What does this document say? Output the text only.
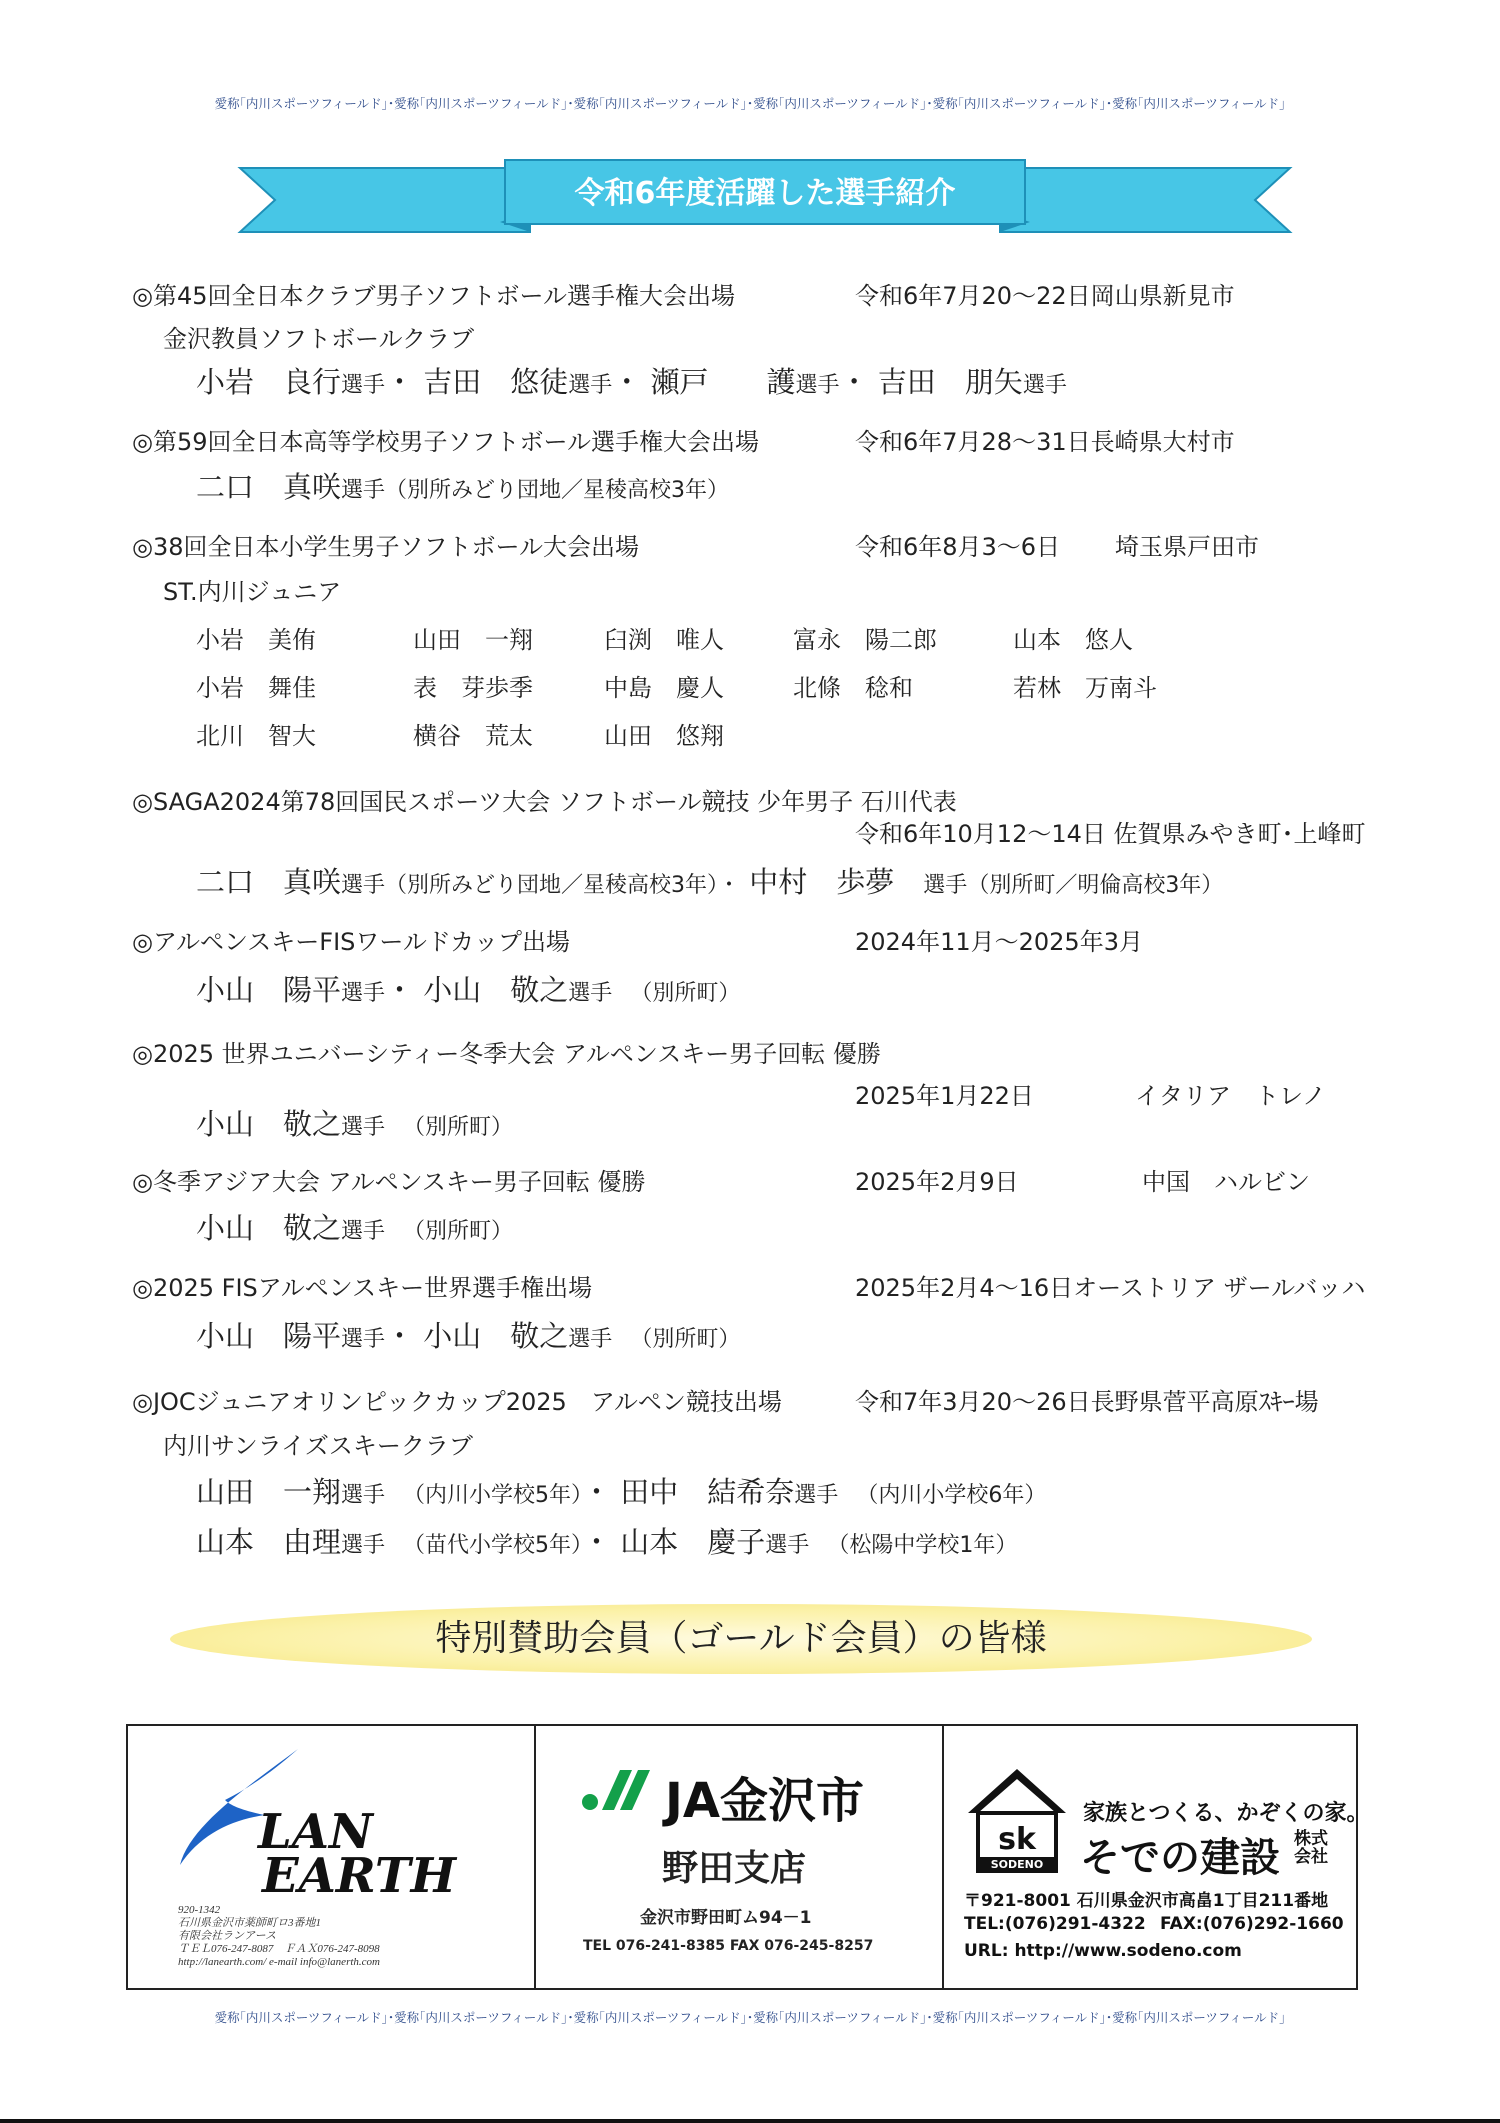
愛称｢内川スポーツフィールド｣･愛称｢内川スポーツフィールド｣･愛称｢内川スポーツフィールド｣･愛称｢内川スポーツフィールド｣･愛称｢内川スポーツフィールド｣･愛称｢内川スポーツフィールド｣
令和6年度活躍した選手紹介
◎第45回全日本クラブ男子ソフトボール選手権大会出場	令和6年7月20～22日岡山県新見市
金沢教員ソフトボールクラブ
小岩　良行選手・ 吉田　悠徒選手・ 瀬戸　　護選手・ 吉田　朋矢選手
◎第59回全日本高等学校男子ソフトボール選手権大会出場	令和6年7月28～31日長崎県大村市
二口　真咲選手（別所みどり団地／星稜高校3年）
◎38回全日本小学生男子ソフトボール大会出場	令和6年8月3～6日 埼玉県戸田市
ST.内川ジュニア
小岩　美侑	山田　一翔	臼渕　唯人	富永　陽二郎	山本　悠人
小岩　舞佳	表　芽歩季	中島　慶人	北條　稔和	若林　万南斗
北川　智大	横谷　荒太	山田　悠翔
◎SAGA2024第78回国民スポーツ大会 ソフトボール競技 少年男子 石川代表
令和6年10月12～14日 佐賀県みやき町･上峰町
二口　真咲選手（別所みどり団地／星稜高校3年）・ 中村　歩夢　 選手（別所町／明倫高校3年）
◎アルペンスキーFISワールドカップ出場	2024年11月～2025年3月
小山　陽平選手・ 小山　敬之選手　 （別所町）
◎2025 世界ユニバーシティー冬季大会 アルペンスキー男子回転 優勝
2025年1月22日	イタリア　トレノ
小山　敬之選手　 （別所町）
◎冬季アジア大会 アルペンスキー男子回転 優勝	2025年2月9日	中国　ハルビン
小山　敬之選手　 （別所町）
◎2025 FISアルペンスキー世界選手権出場	2025年2月4～16日オーストリア ザールバッハ
小山　陽平選手・ 小山　敬之選手　 （別所町）
◎JOCジュニアオリンピックカップ2025　アルペン競技出場	令和7年3月20～26日長野県菅平高原ｽｷｰ場
内川サンライズスキークラブ
山田　一翔選手　 （内川小学校5年）・ 田中　結希奈選手　 （内川小学校6年）
山本　由理選手　 （苗代小学校5年）・ 山本　慶子選手　 （松陽中学校1年）
特別賛助会員（ゴールド会員）の皆様
LAN
EARTH
920-1342
石川県金沢市薬師町ロ3番地1
有限会社ランアース
ＴＥＬ076-247-8087　ＦＡＸ076-247-8098
http://lanearth.com/ e-mail info@lanerth.com
JA金沢市
野田支店
金沢市野田町ム94－1
TEL 076-241-8385 FAX 076-245-8257
sk
SODENO
家族とつくる、かぞくの家。
そでの建設 株式
会社
〒921-8001 石川県金沢市高畠1丁目211番地
TEL:(076)291-4322 FAX:(076)292-1660
URL: http://www.sodeno.com
愛称｢内川スポーツフィールド｣･愛称｢内川スポーツフィールド｣･愛称｢内川スポーツフィールド｣･愛称｢内川スポーツフィールド｣･愛称｢内川スポーツフィールド｣･愛称｢内川スポーツフィールド｣
